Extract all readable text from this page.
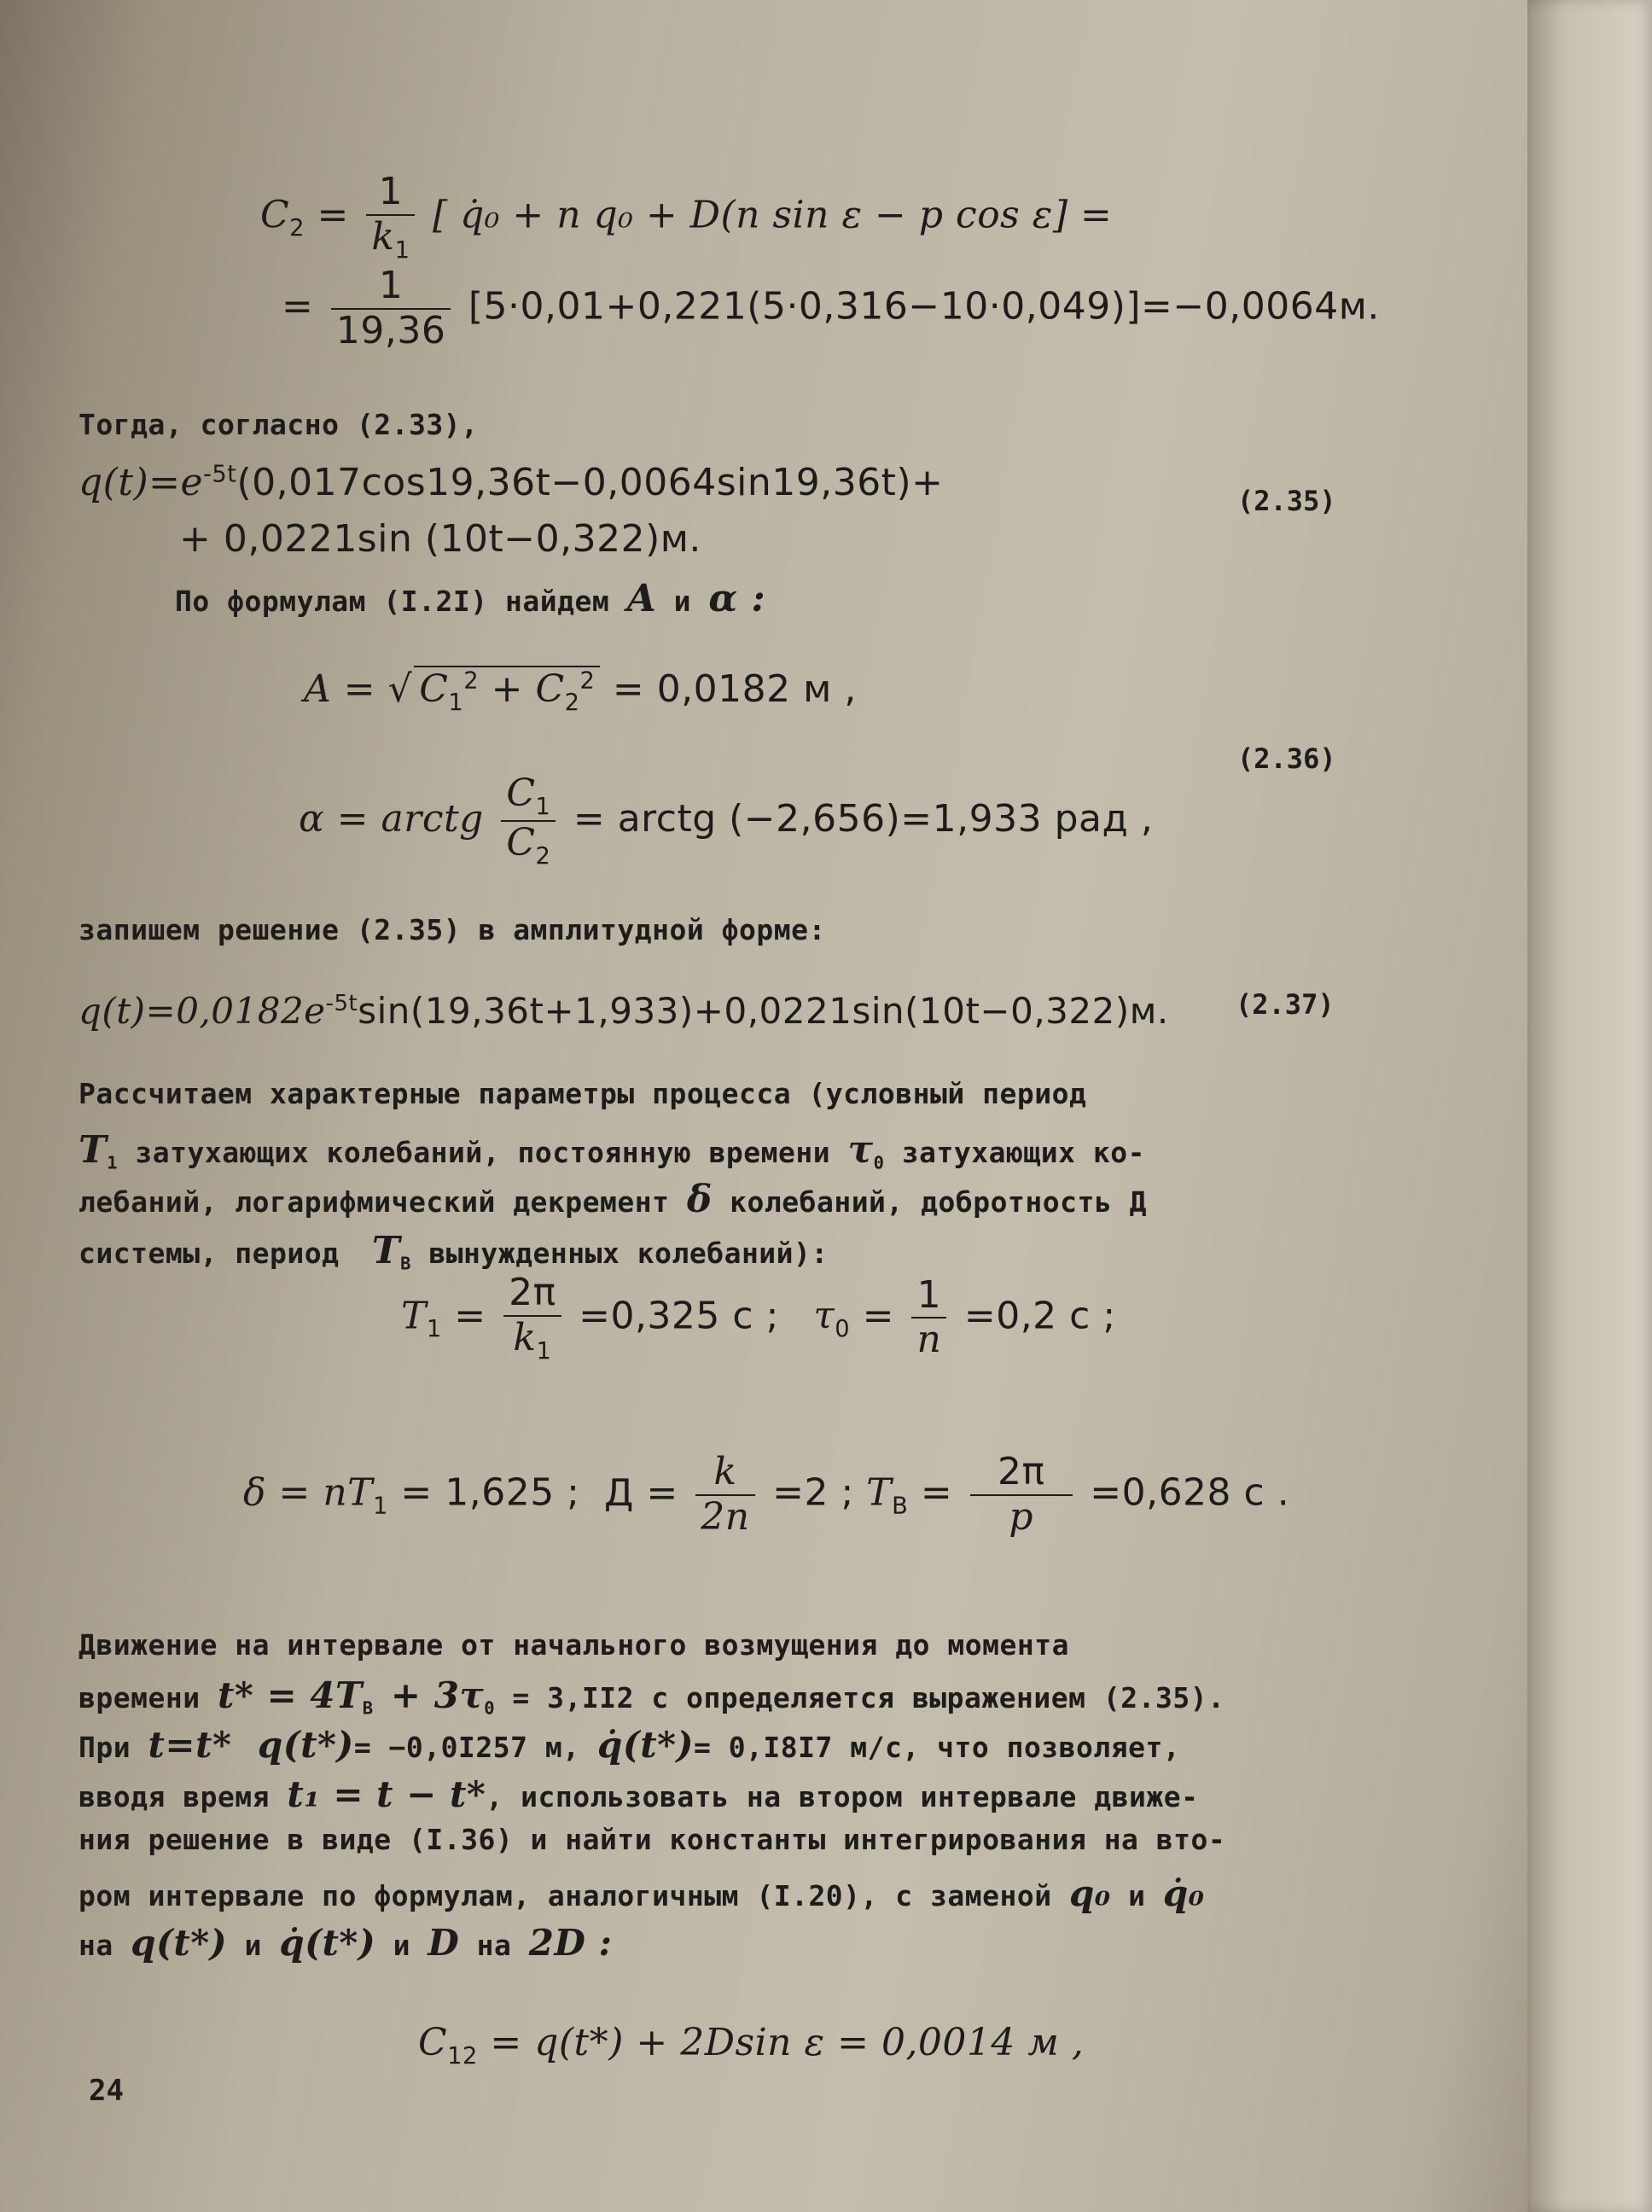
$C_2 = \frac{1}{k_1}$ [ q̇₀ + n q₀ + D(n sin ε − p cos ε] =
= $\frac{1}{19,36} [5\cdot 0,01+0,221(5\cdot 0,316-10\cdot 0,049)]=-0,0064м$.
Тогда, согласно (2.33),
$q(t)=e^{-5t}(0,017\cos 19,36t-0,0064\sin 19,36t)+$
+ 0,0221sin (10t−0,322)м.
(2.35)
По формулам (I.2I) найдем A и α :
A = √ $C_1^2 + C_2^2 = 0,0182$ м ,
(2.36)
α = arctg $\frac{C_1}{C_2}$ = arctg (−2,656)=1,933 рад ,
запишем решение (2.35) в амплитудной форме:
$q(t)=0,0182e^{-5t}\sin(19,36t+1,933)+0,0221\sin(10t-0,322)м$. (2.37)
Рассчитаем характерные параметры процесса (условный период
$T_1$ затухающих колебаний, постоянную времени $\tau_0$ затухающих ко-
лебаний, логарифмический декремент δ колебаний, добротность Д
системы, период $T_B$ вынужденных колебаний):
$T_1 = \frac{2\pi}{k_1} =0,325$ с ; $\tau_0 = \frac{1}{n} =0,2$ с ;
$\delta = nT_1 = 1,625$ ; $Д = \frac{k}{2n} =2$ ; $T_B = \frac{2\pi}{p} =0,628$ с .
Движение на интервале от начального возмущения до момента
времени $t* = 4T_B + 3\tau_0 = 3,II2$ с определяется выражением (2.35).
При t=t* q(t*)= −0,0I257 м, q̇(t*)= 0,I8I7 м/с, что позволяет,
вводя время t₁ = t − t*, использовать на втором интервале движе-
ния решение в виде (I.36) и найти константы интегрирования на вто-
ром интервале по формулам, аналогичным (I.20), с заменой q₀ и q̇₀
на q(t*) и q̇(t*) и D на 2D :
$C_{12} = q(t*) + 2Dsin$ ε = 0,0014 м ,
24
